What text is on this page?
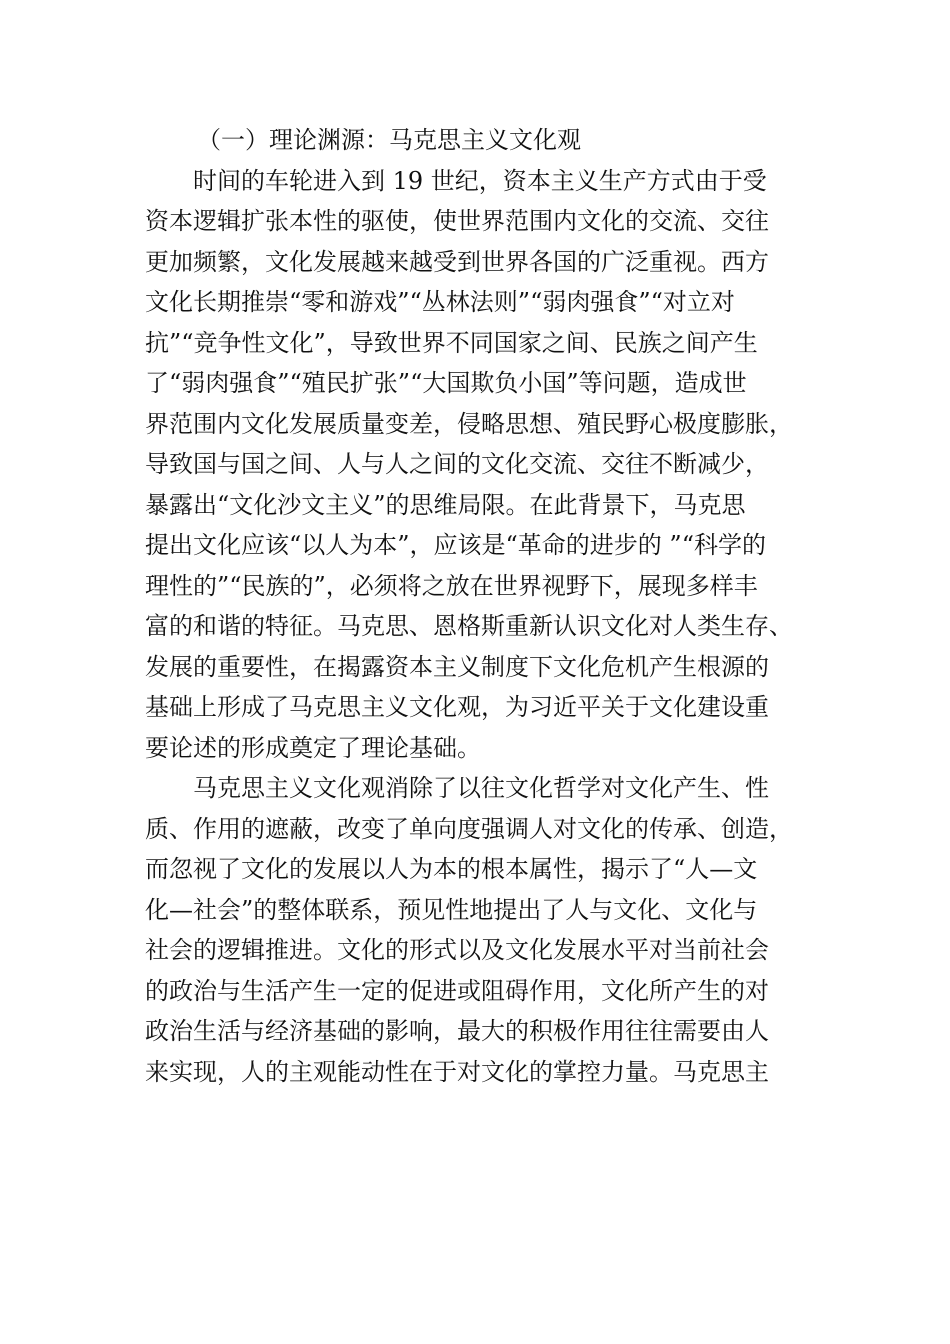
（一）理论渊源：马克思主义文化观
时间的车轮进入到 19 世纪，资本主义生产方式由于受
资本逻辑扩张本性的驱使，使世界范围内文化的交流、交往
更加频繁，文化发展越来越受到世界各国的广泛重视。西方
文化长期推崇“零和游戏”“丛林法则”“弱肉强食”“对立对
抗”“竞争性文化”，导致世界不同国家之间、民族之间产生
了“弱肉强食”“殖民扩张”“大国欺负小国”等问题，造成世
界范围内文化发展质量变差，侵略思想、殖民野心极度膨胀，
导致国与国之间、人与人之间的文化交流、交往不断减少，
暴露出“文化沙文主义”的思维局限。在此背景下，马克思
提出文化应该“以人为本”，应该是“革命的进步的 ”“科学的
理性的”“民族的”，必须将之放在世界视野下，展现多样丰
富的和谐的特征。马克思、恩格斯重新认识文化对人类生存、
发展的重要性，在揭露资本主义制度下文化危机产生根源的
基础上形成了马克思主义文化观，为习近平关于文化建设重
要论述的形成奠定了理论基础。
马克思主义文化观消除了以往文化哲学对文化产生、性
质、作用的遮蔽，改变了单向度强调人对文化的传承、创造，
而忽视了文化的发展以人为本的根本属性，揭示了“人—文
化—社会”的整体联系，预见性地提出了人与文化、文化与
社会的逻辑推进。文化的形式以及文化发展水平对当前社会
的政治与生活产生一定的促进或阻碍作用，文化所产生的对
政治生活与经济基础的影响，最大的积极作用往往需要由人
来实现，人的主观能动性在于对文化的掌控力量。马克思主
